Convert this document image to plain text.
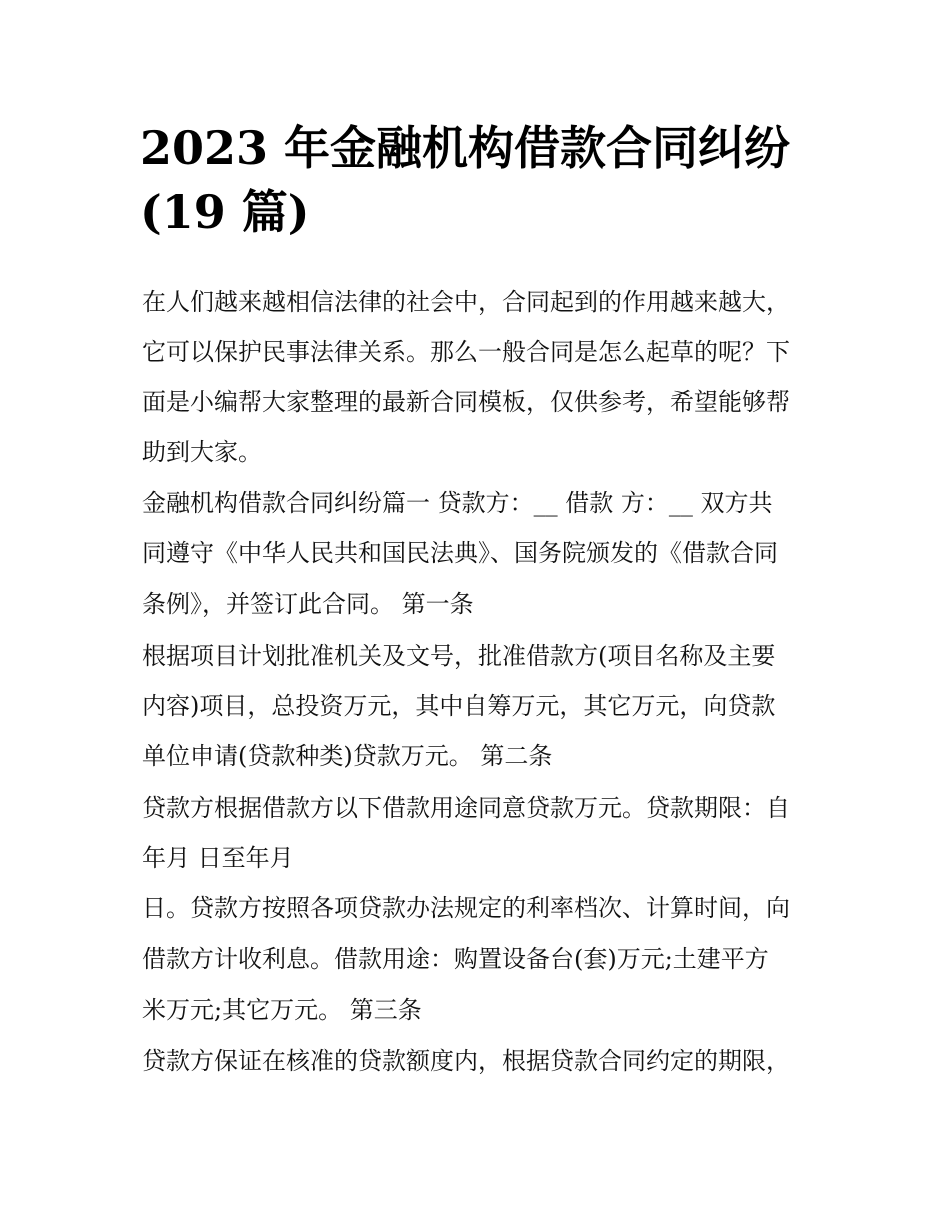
2023 年金融机构借款合同纠纷
(19 篇)

在人们越来越相信法律的社会中，合同起到的作用越来越大，

它可以保护民事法律关系。那么一般合同是怎么起草的呢？下

面是小编帮大家整理的最新合同模板，仅供参考，希望能够帮

助到大家。

金融机构借款合同纠纷篇一 贷款方：__ 借款 方：__ 双方共

同遵守《中华人民共和国民法典》、国务院颁发的《借款合同

条例》，并签订此合同。 第一条

根据项目计划批准机关及文号，批准借款方(项目名称及主要

内容)项目，总投资万元，其中自筹万元，其它万元，向贷款

单位申请(贷款种类)贷款万元。 第二条

贷款方根据借款方以下借款用途同意贷款万元。贷款期限：自

年月 日至年月

日。贷款方按照各项贷款办法规定的利率档次、计算时间，向

借款方计收利息。借款用途：购置设备台(套)万元;土建平方

米万元;其它万元。 第三条

贷款方保证在核准的贷款额度内，根据贷款合同约定的期限，
